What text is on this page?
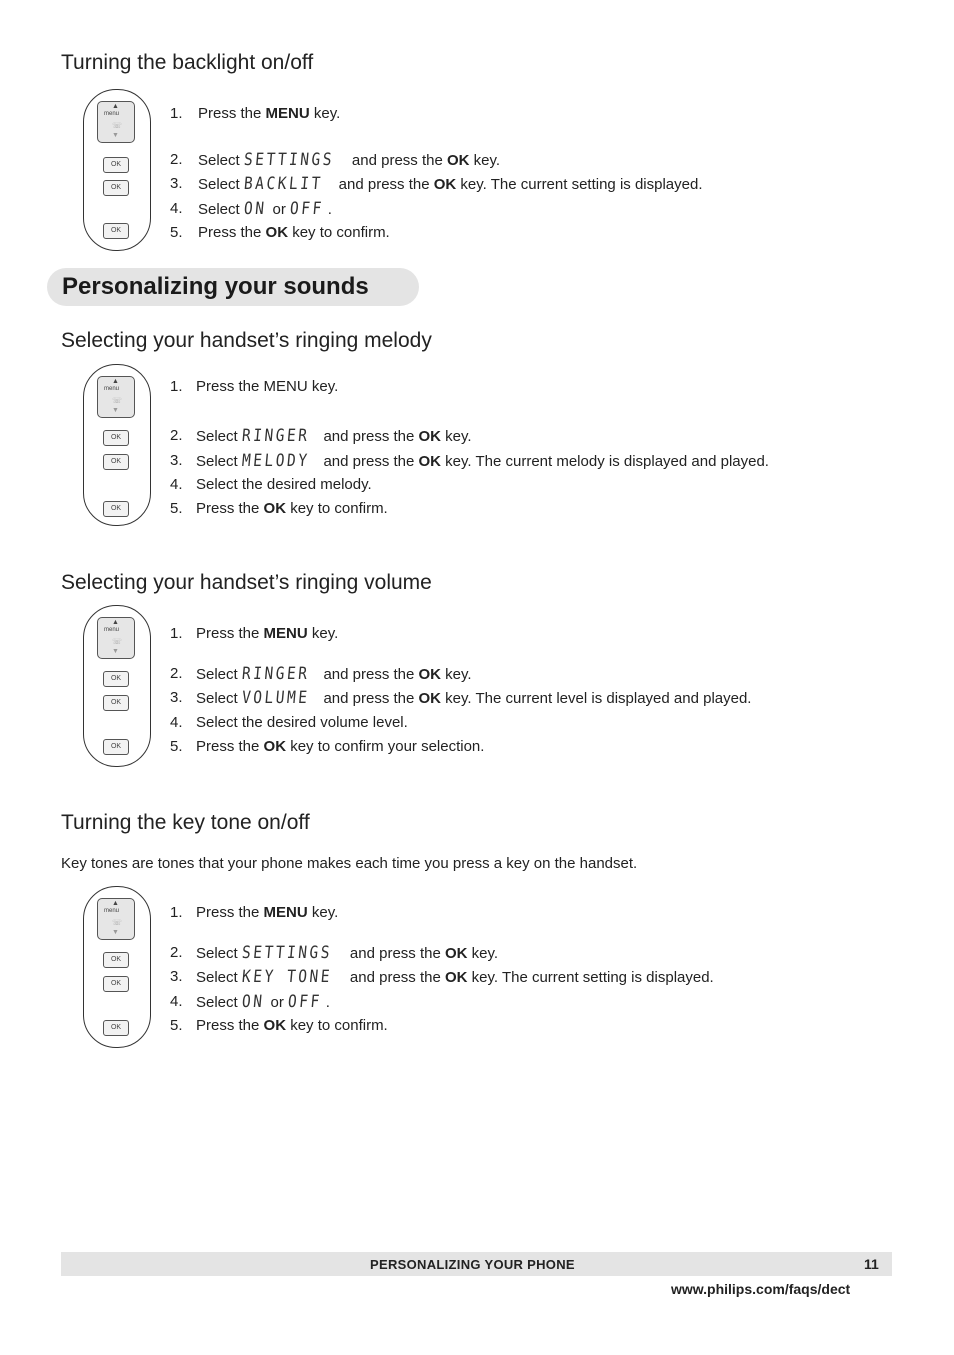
Turning the backlight on/off
▲
menu
☏
▼
OK
OK
OK
1.	Press the MENU key.
2.	Select SETTINGS and press the OK key.
3.	Select BACKLIT and press the OK key. The current setting is displayed.
4.	Select ON or OFF .
5.	Press the OK key to confirm.
Personalizing your sounds
Selecting your handset’s ringing melody
▲
menu
☏
▼
OK
OK
OK
1. Press the MENU key.
2. Select RINGER and press the OK key.
3. Select MELODY and press the OK key. The current melody is displayed and played.
4. Select the desired melody.
5. Press the OK key to confirm.
Selecting your handset’s ringing volume
▲
menu
☏
▼
OK
OK
OK
1. Press the MENU key.
2. Select RINGER and press the OK key.
3. Select VOLUME and press the OK key. The current level is displayed and played.
4. Select the desired volume level.
5. Press the OK key to confirm your selection.
Turning the key tone on/off
Key tones are tones that your phone makes each time you press a key on the handset.
▲
menu
☏
▼
OK
OK
OK
1. Press the MENU key.
2. Select SETTINGS and press the OK key.
3. Select KEY TONE and press the OK key. The current setting is displayed.
4. Select ON or OFF .
5. Press the OK key to confirm.
PERSONALIZING YOUR PHONE	11
www.philips.com/faqs/dect
